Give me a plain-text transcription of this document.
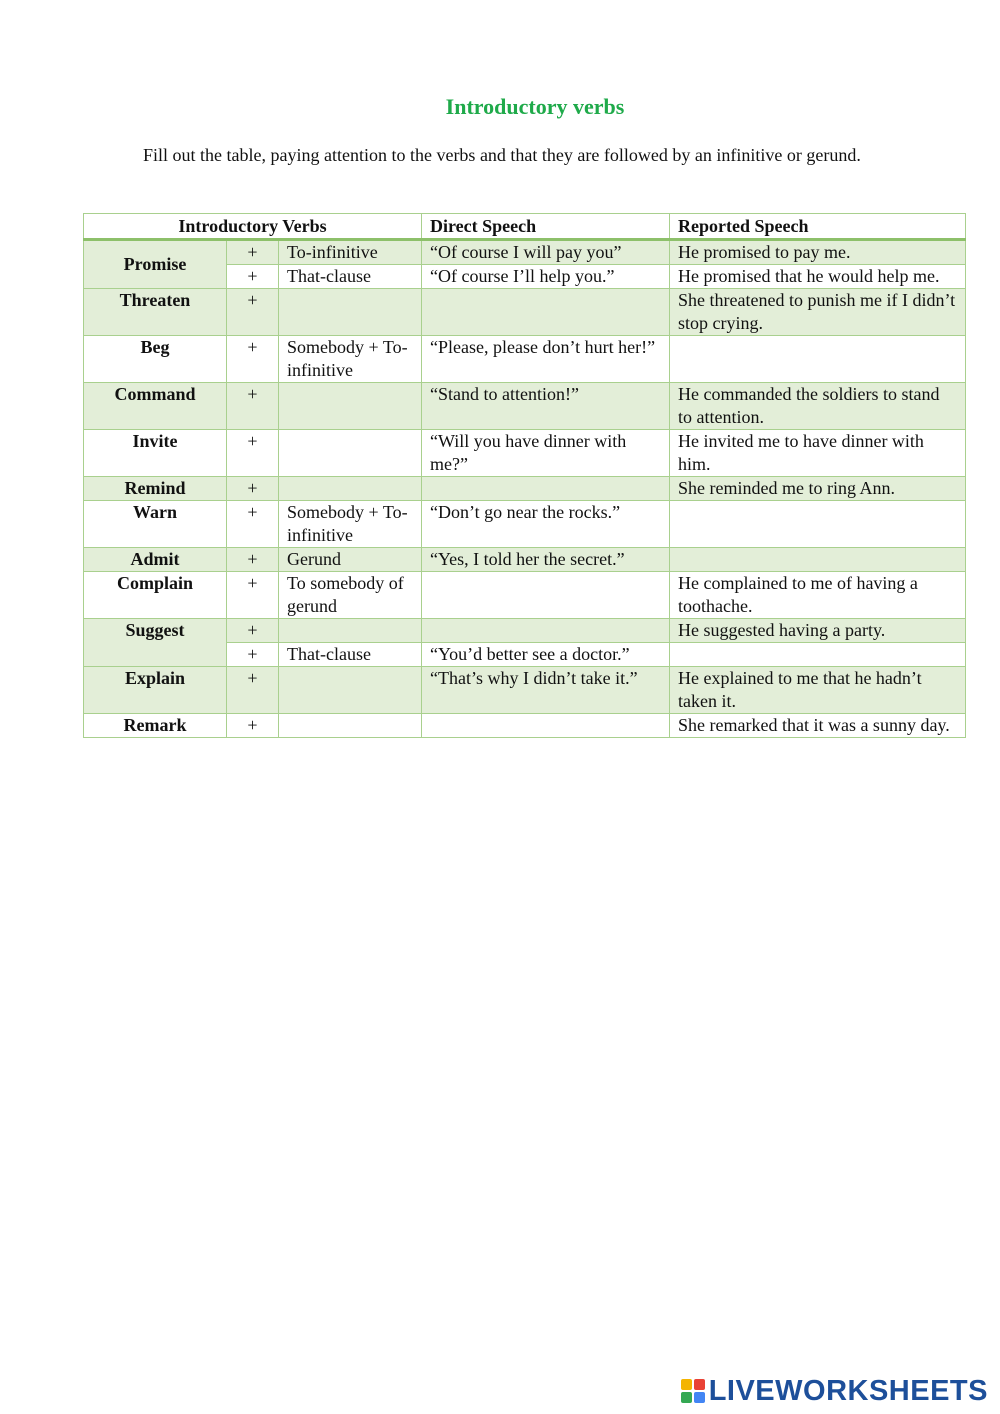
Introductory verbs
Fill out the table, paying attention to the verbs and that they are followed by an infinitive or gerund.
Introductory Verbs			Direct Speech	Reported Speech
Promise	+	To-infinitive	“Of course I will pay you”	He promised to pay me.
	+	That-clause	“Of course I’ll help you.”	He promised that he would help me.
Threaten	+			She threatened to punish me if I didn’t stop crying.
Beg	+	Somebody + To-infinitive	“Please, please don’t hurt her!”	
Command	+		“Stand to attention!”	He commanded the soldiers to stand to attention.
Invite	+		“Will you have dinner with me?”	He invited me to have dinner with him.
Remind	+			She reminded me to ring Ann.
Warn	+	Somebody + To-infinitive	“Don’t go near the rocks.”	
Admit	+	Gerund	“Yes, I told her the secret.”	
Complain	+	To somebody of gerund		He complained to me of having a toothache.
Suggest	+			He suggested having a party.
	+	That-clause	“You’d better see a doctor.”	
Explain	+		“That’s why I didn’t take it.”	He explained to me that he hadn’t taken it.
Remark	+			She remarked that it was a sunny day.
LIVEWORKSHEETS
